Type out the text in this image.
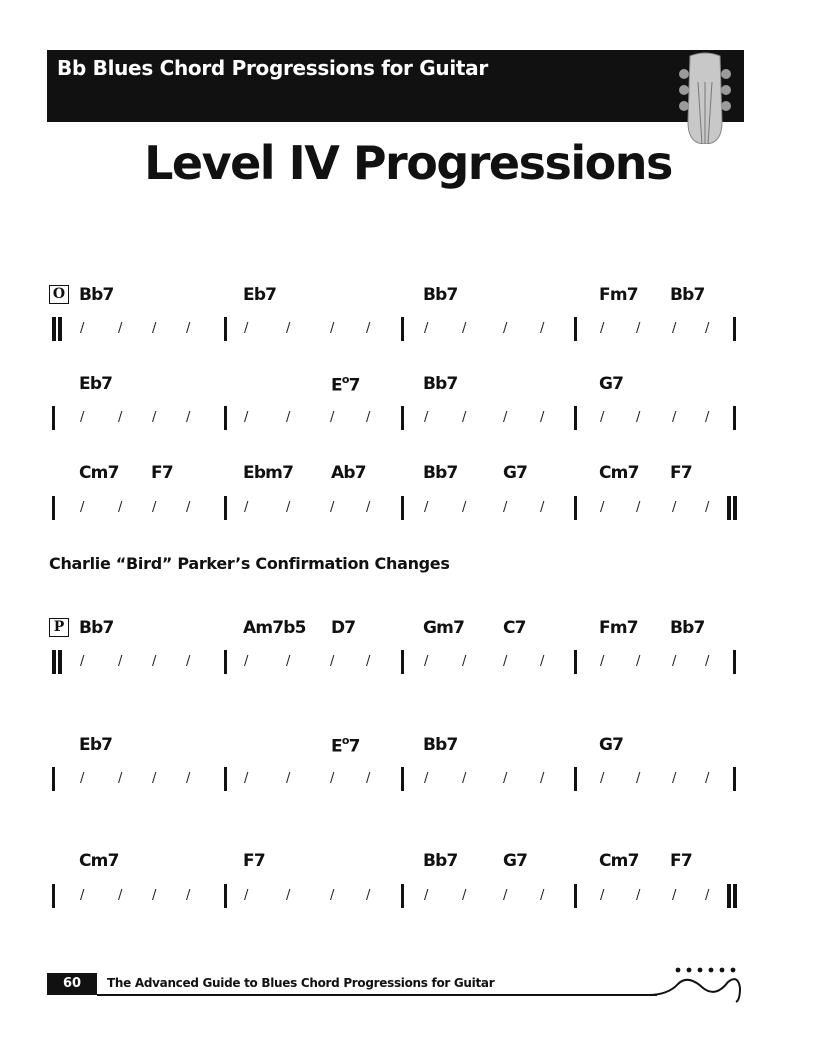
Bb Blues Chord Progressions for Guitar
Level IV Progressions
O Bb7	Eb7	Bb7	Fm7 Bb7
/	/ / /	/	/	/ /	/	/	/	/	/ / / /
Eb7	$E^o7$	Bb7	G7
/	/ / /	/	/	/ /	/	/	/	/	/ / / /
Cm7 F7	Ebm7 Ab7	Bb7	G7	Cm7 F7
/	/ / /	/	/	/ /	/	/	/	/	/ / / /
Charlie “Bird” Parker’s Confirmation Changes
P Bb7	Am7b5 D7	Gm7 C7	Fm7 Bb7
/	/ / /	/	/	/ /	/	/	/	/	/ / / /
Eb7	$E^o7$	Bb7	G7
/	/ / /	/	/	/ /	/	/	/	/	/ / / /
Cm7	F7	Bb7	G7	Cm7 F7
/	/ / /	/	/	/ /	/	/	/	/	/ / / /
60	The Advanced Guide to Blues Chord Progressions for Guitar
